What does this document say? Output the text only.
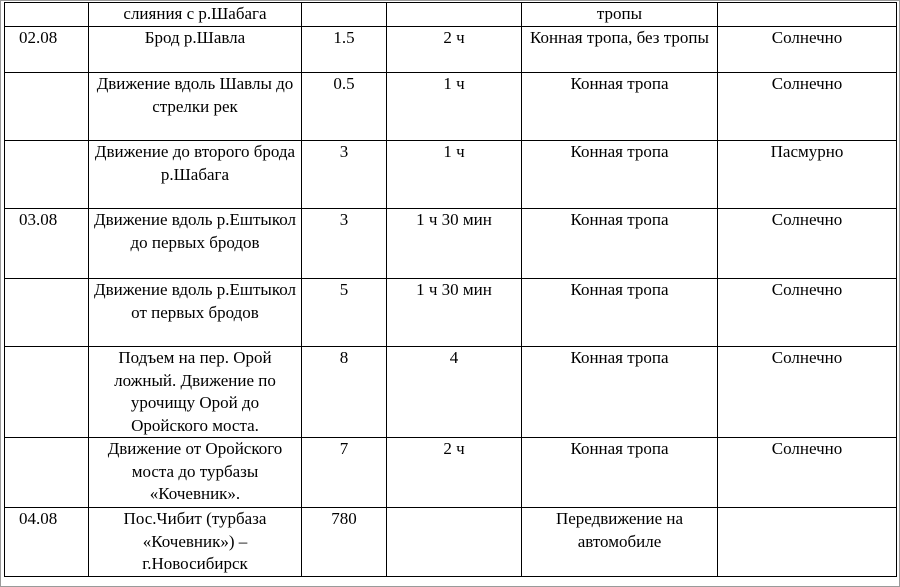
	слияния с р.Шабага			тропы	

02.08	Брод р.Шавла	1.5	2 ч	Конная тропа, без тропы	Солнечно

	Движение вдоль Шавлы до стрелки рек	0.5	1 ч	Конная тропа	Солнечно

	Движение до второго брода р.Шабага	3	1 ч	Конная тропа	Пасмурно

03.08	Движение вдоль р.Ештыкол до первых бродов	3	1 ч 30 мин	Конная тропа	Солнечно

	Движение вдоль р.Ештыкол от первых бродов	5	1 ч 30 мин	Конная тропа	Солнечно

	Подъем на пер. Орой ложный. Движение по урочищу Орой до Оройского моста.	8	4	Конная тропа	Солнечно

	Движение от Оройского моста до турбазы «Кочевник».	7	2 ч	Конная тропа	Солнечно

04.08	Пос.Чибит (турбаза «Кочевник») – г.Новосибирск	780		Передвижение на автомобиле	
